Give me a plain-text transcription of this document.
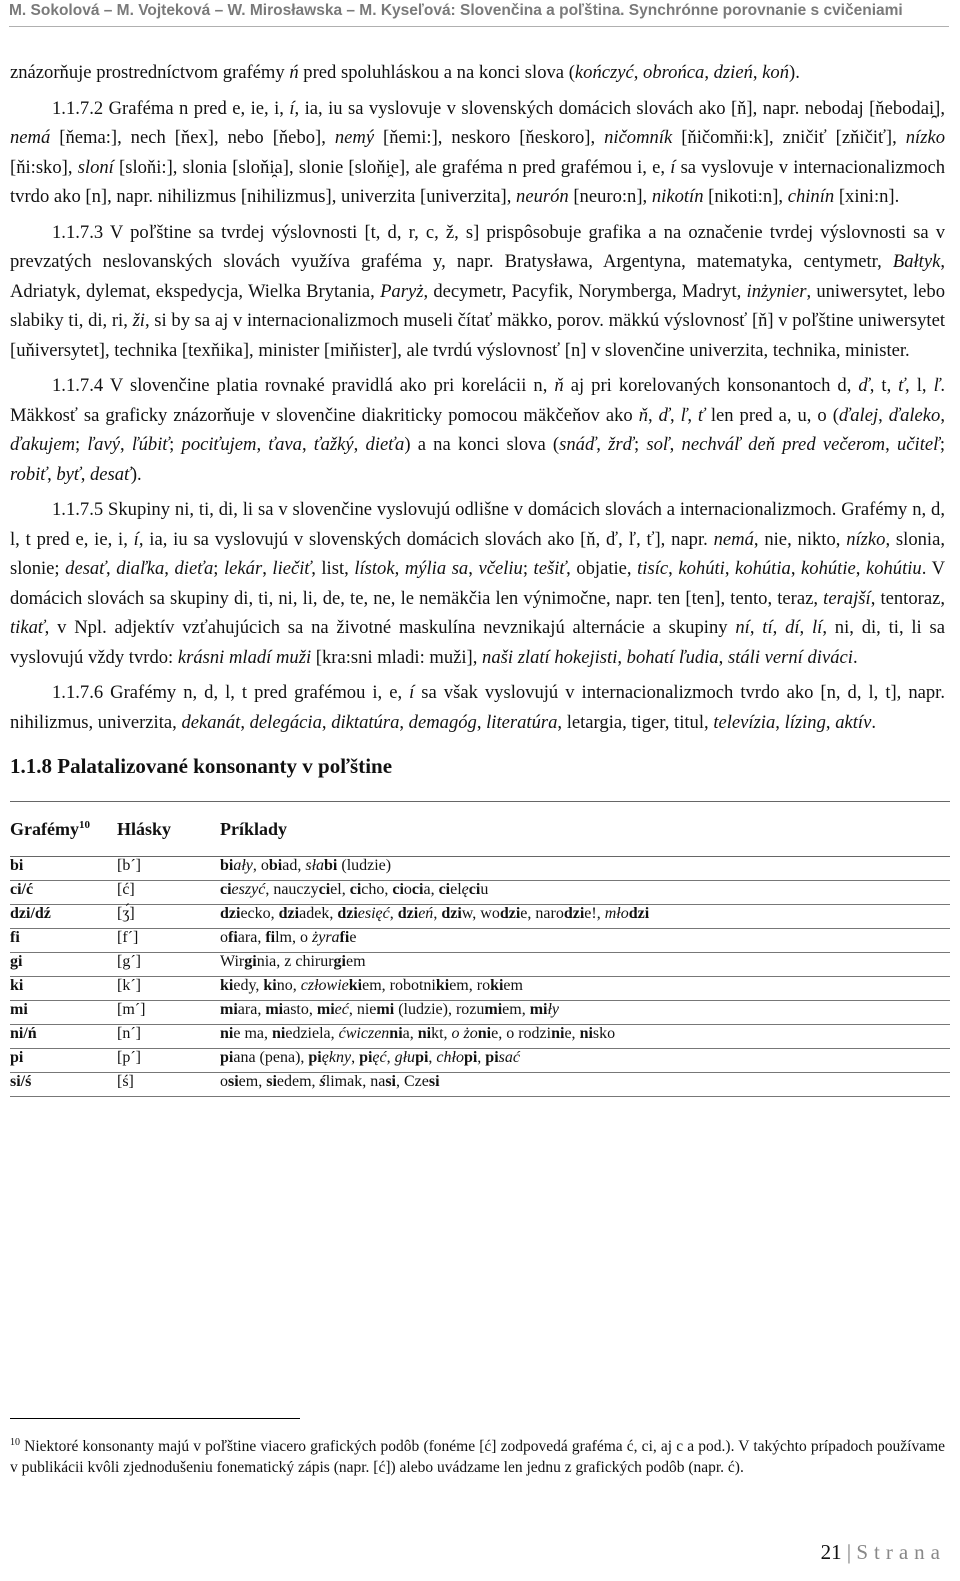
M. Sokolová – M. Vojteková – W. Mirosławska – M. Kyseľová: Slovenčina a poľština. Synchrónne porovnanie s cvičeniami

znázorňuje prostredníctvom grafémy ń pred spoluhláskou a na konci slova (kończyć, obrońca, dzień, koń).

1.1.7.2 Graféma n pred e, ie, i, í, ia, iu sa vyslovuje v slovenských domácich slovách ako [ň], napr. nebodaj [ňebodai̯], nemá [ňema:], nech [ňex], nebo [ňebo], nemý [ňemi:], neskoro [ňeskoro], ničomník [ňičomňi:k], zničiť [zňičiť], nízko [ňi:sko], sloní [sloňi:], slonia [sloňi̯a], slonie [sloňi̯e], ale graféma n pred grafémou i, e, í sa vyslovuje v internacionalizmoch tvrdo ako [n], napr. nihilizmus [nihilizmus], univerzita [univerzita], neurón [neuro:n], nikotín [nikoti:n], chinín [xini:n].

1.1.7.3 V poľštine sa tvrdej výslovnosti [t, d, r, c, ž, s] prispôsobuje grafika a na označenie tvrdej výslovnosti sa v prevzatých neslovanských slovách využíva graféma y, napr. Bratysława, Argentyna, matematyka, centymetr, Bałtyk, Adriatyk, dylemat, ekspedycja, Wielka Brytania, Paryż, decymetr, Pacyfik, Norymberga, Madryt, inżynier, uniwersytet, lebo slabiky ti, di, ri, ži, si by sa aj v internacionalizmoch museli čítať mäkko, porov. mäkkú výslovnosť [ň] v poľštine uniwersytet [uňiversytet], technika [texňika], minister [miňister], ale tvrdú výslovnosť [n] v slovenčine univerzita, technika, minister.

1.1.7.4 V slovenčine platia rovnaké pravidlá ako pri korelácii n, ň aj pri korelovaných konsonantoch d, ď, t, ť, l, ľ. Mäkkosť sa graficky znázorňuje v slovenčine diakriticky pomocou mäkčeňov ako ň, ď, ľ, ť len pred a, u, o (ďalej, ďaleko, ďakujem; ľavý, ľúbiť; pociťujem, ťava, ťažký, dieťa) a na konci slova (snáď, žrď; soľ, nechváľ deň pred večerom, učiteľ; robiť, byť, desať).

1.1.7.5 Skupiny ni, ti, di, li sa v slovenčine vyslovujú odlišne v domácich slovách a internacionalizmoch. Grafémy n, d, l, t pred e, ie, i, í, ia, iu sa vyslovujú v slovenských domácich slovách ako [ň, ď, ľ, ť], napr. nemá, nie, nikto, nízko, slonia, slonie; desať, diaľka, dieťa; lekár, liečiť, list, lístok, mýlia sa, včeliu; tešiť, objatie, tisíc, kohúti, kohútia, kohútie, kohútiu. V domácich slovách sa skupiny di, ti, ni, li, de, te, ne, le nemäkčia len výnimočne, napr. ten [ten], tento, teraz, terajší, tentoraz, tikať, v Npl. adjektív vzťahujúcich sa na životné maskulína nevznikajú alternácie a skupiny ní, tí, dí, lí, ni, di, ti, li sa vyslovujú vždy tvrdo: krásni mladí muži [kra:sni mladi: muži], naši zlatí hokejisti, bohatí ľudia, stáli verní diváci.

1.1.7.6 Grafémy n, d, l, t pred grafémou i, e, í sa však vyslovujú v internacionalizmoch tvrdo ako [n, d, l, t], napr. nihilizmus, univerzita, dekanát, delegácia, diktatúra, demagóg, literatúra, letargia, tiger, titul, televízia, lízing, aktív.

1.1.8 Palatalizované konsonanty v poľštine
Grafémy$^{10}$	Hlásky	Príklady
bi	[b´]	biały, obiad, słabi (ludzie)
ci/ć	[ć]	cieszyć, nauczyciel, cicho, ciocia, cielęciu
dzi/dź	[ʒ́]	dziecko, dziadek, dziesięć, dzień, dziw, wodzie, narodzie!, młodzi
fi	[f´]	ofiara, film, o żyrafie
gi	[g´]	Wirginia, z chirurgiem
ki	[k´]	kiedy, kino, człowiekiem, robotnikiem, rokiem
mi	[m´]	miara, miasto, mieć, niemi (ludzie), rozumiem, miły
ni/ń	[n´]	nie ma, niedziela, ćwiczennia, nikt, o żonie, o rodzinie, nisko
pi	[p´]	piana (pena), piękny, pięć, głupi, chłopi, pisać
si/ś	[ś]	osiem, siedem, ślimak, nasi, Czesi
$^{10}$ Niektoré konsonanty majú v poľštine viacero grafických podôb (fonéme [ć] zodpovedá graféma ć, ci, aj c a pod.). V takýchto prípadoch používame v publikácii kvôli zjednodušeniu fonematický zápis (napr. [ć]) alebo uvádzame len jednu z grafických podôb (napr. ć).
21 | Strana
